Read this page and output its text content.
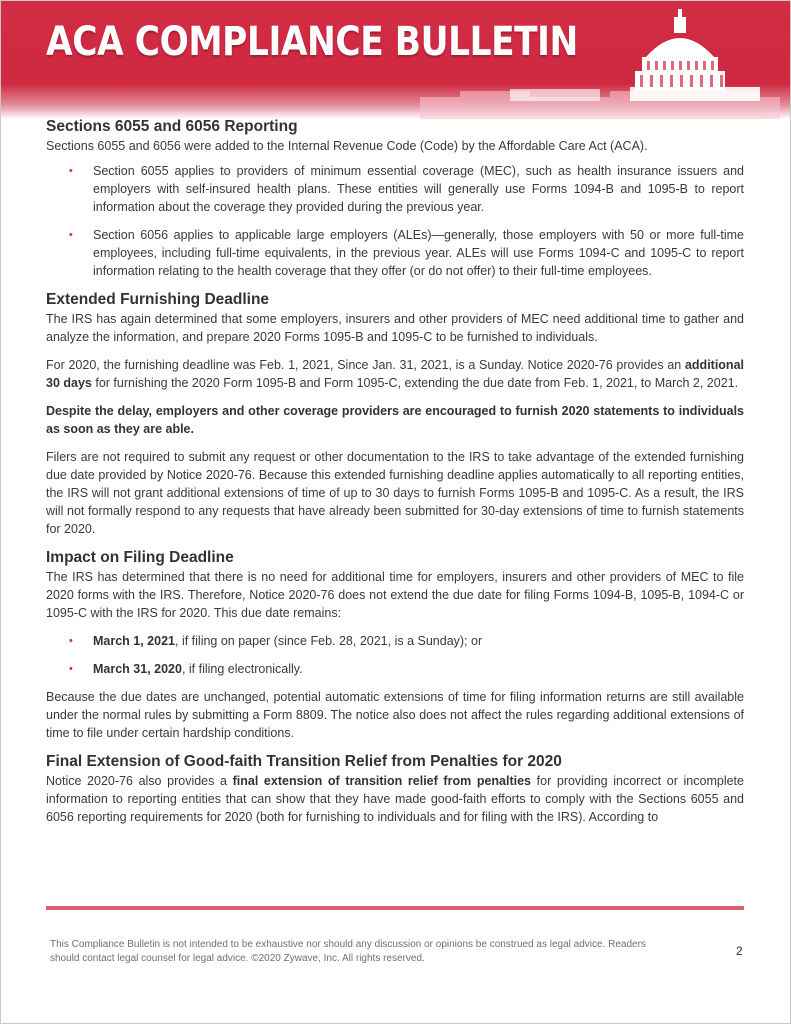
ACA COMPLIANCE BULLETIN
Sections 6055 and 6056 Reporting

Sections 6055 and 6056 were added to the Internal Revenue Code (Code) by the Affordable Care Act (ACA).

• Section 6055 applies to providers of minimum essential coverage (MEC), such as health insurance issuers and employers with self-insured health plans. These entities will generally use Forms 1094-B and 1095-B to report information about the coverage they provided during the previous year.
• Section 6056 applies to applicable large employers (ALEs)—generally, those employers with 50 or more full-time employees, including full-time equivalents, in the previous year. ALEs will use Forms 1094-C and 1095-C to report information relating to the health coverage that they offer (or do not offer) to their full-time employees.
Extended Furnishing Deadline

The IRS has again determined that some employers, insurers and other providers of MEC need additional time to gather and analyze the information, and prepare 2020 Forms 1095-B and 1095-C to be furnished to individuals.

For 2020, the furnishing deadline was Feb. 1, 2021, Since Jan. 31, 2021, is a Sunday. Notice 2020-76 provides an additional 30 days for furnishing the 2020 Form 1095-B and Form 1095-C, extending the due date from Feb. 1, 2021, to March 2, 2021.

Despite the delay, employers and other coverage providers are encouraged to furnish 2020 statements to individuals as soon as they are able.

Filers are not required to submit any request or other documentation to the IRS to take advantage of the extended furnishing due date provided by Notice 2020-76. Because this extended furnishing deadline applies automatically to all reporting entities, the IRS will not grant additional extensions of time of up to 30 days to furnish Forms 1095-B and 1095-C. As a result, the IRS will not formally respond to any requests that have already been submitted for 30-day extensions of time to furnish statements for 2020.

Impact on Filing Deadline

The IRS has determined that there is no need for additional time for employers, insurers and other providers of MEC to file 2020 forms with the IRS. Therefore, Notice 2020-76 does not extend the due date for filing Forms 1094-B, 1095-B, 1094-C or 1095-C with the IRS for 2020. This due date remains:

• March 1, 2021, if filing on paper (since Feb. 28, 2021, is a Sunday); or
• March 31, 2020, if filing electronically.

Because the due dates are unchanged, potential automatic extensions of time for filing information returns are still available under the normal rules by submitting a Form 8809. The notice also does not affect the rules regarding additional extensions of time to file under certain hardship conditions.

Final Extension of Good-faith Transition Relief from Penalties for 2020

Notice 2020-76 also provides a final extension of transition relief from penalties for providing incorrect or incomplete information to reporting entities that can show that they have made good-faith efforts to comply with the Sections 6055 and 6056 reporting requirements for 2020 (both for furnishing to individuals and for filing with the IRS). According to

This Compliance Bulletin is not intended to be exhaustive nor should any discussion or opinions be construed as legal advice. Readers should contact legal counsel for legal advice. ©2020 Zywave, Inc. All rights reserved.
2
